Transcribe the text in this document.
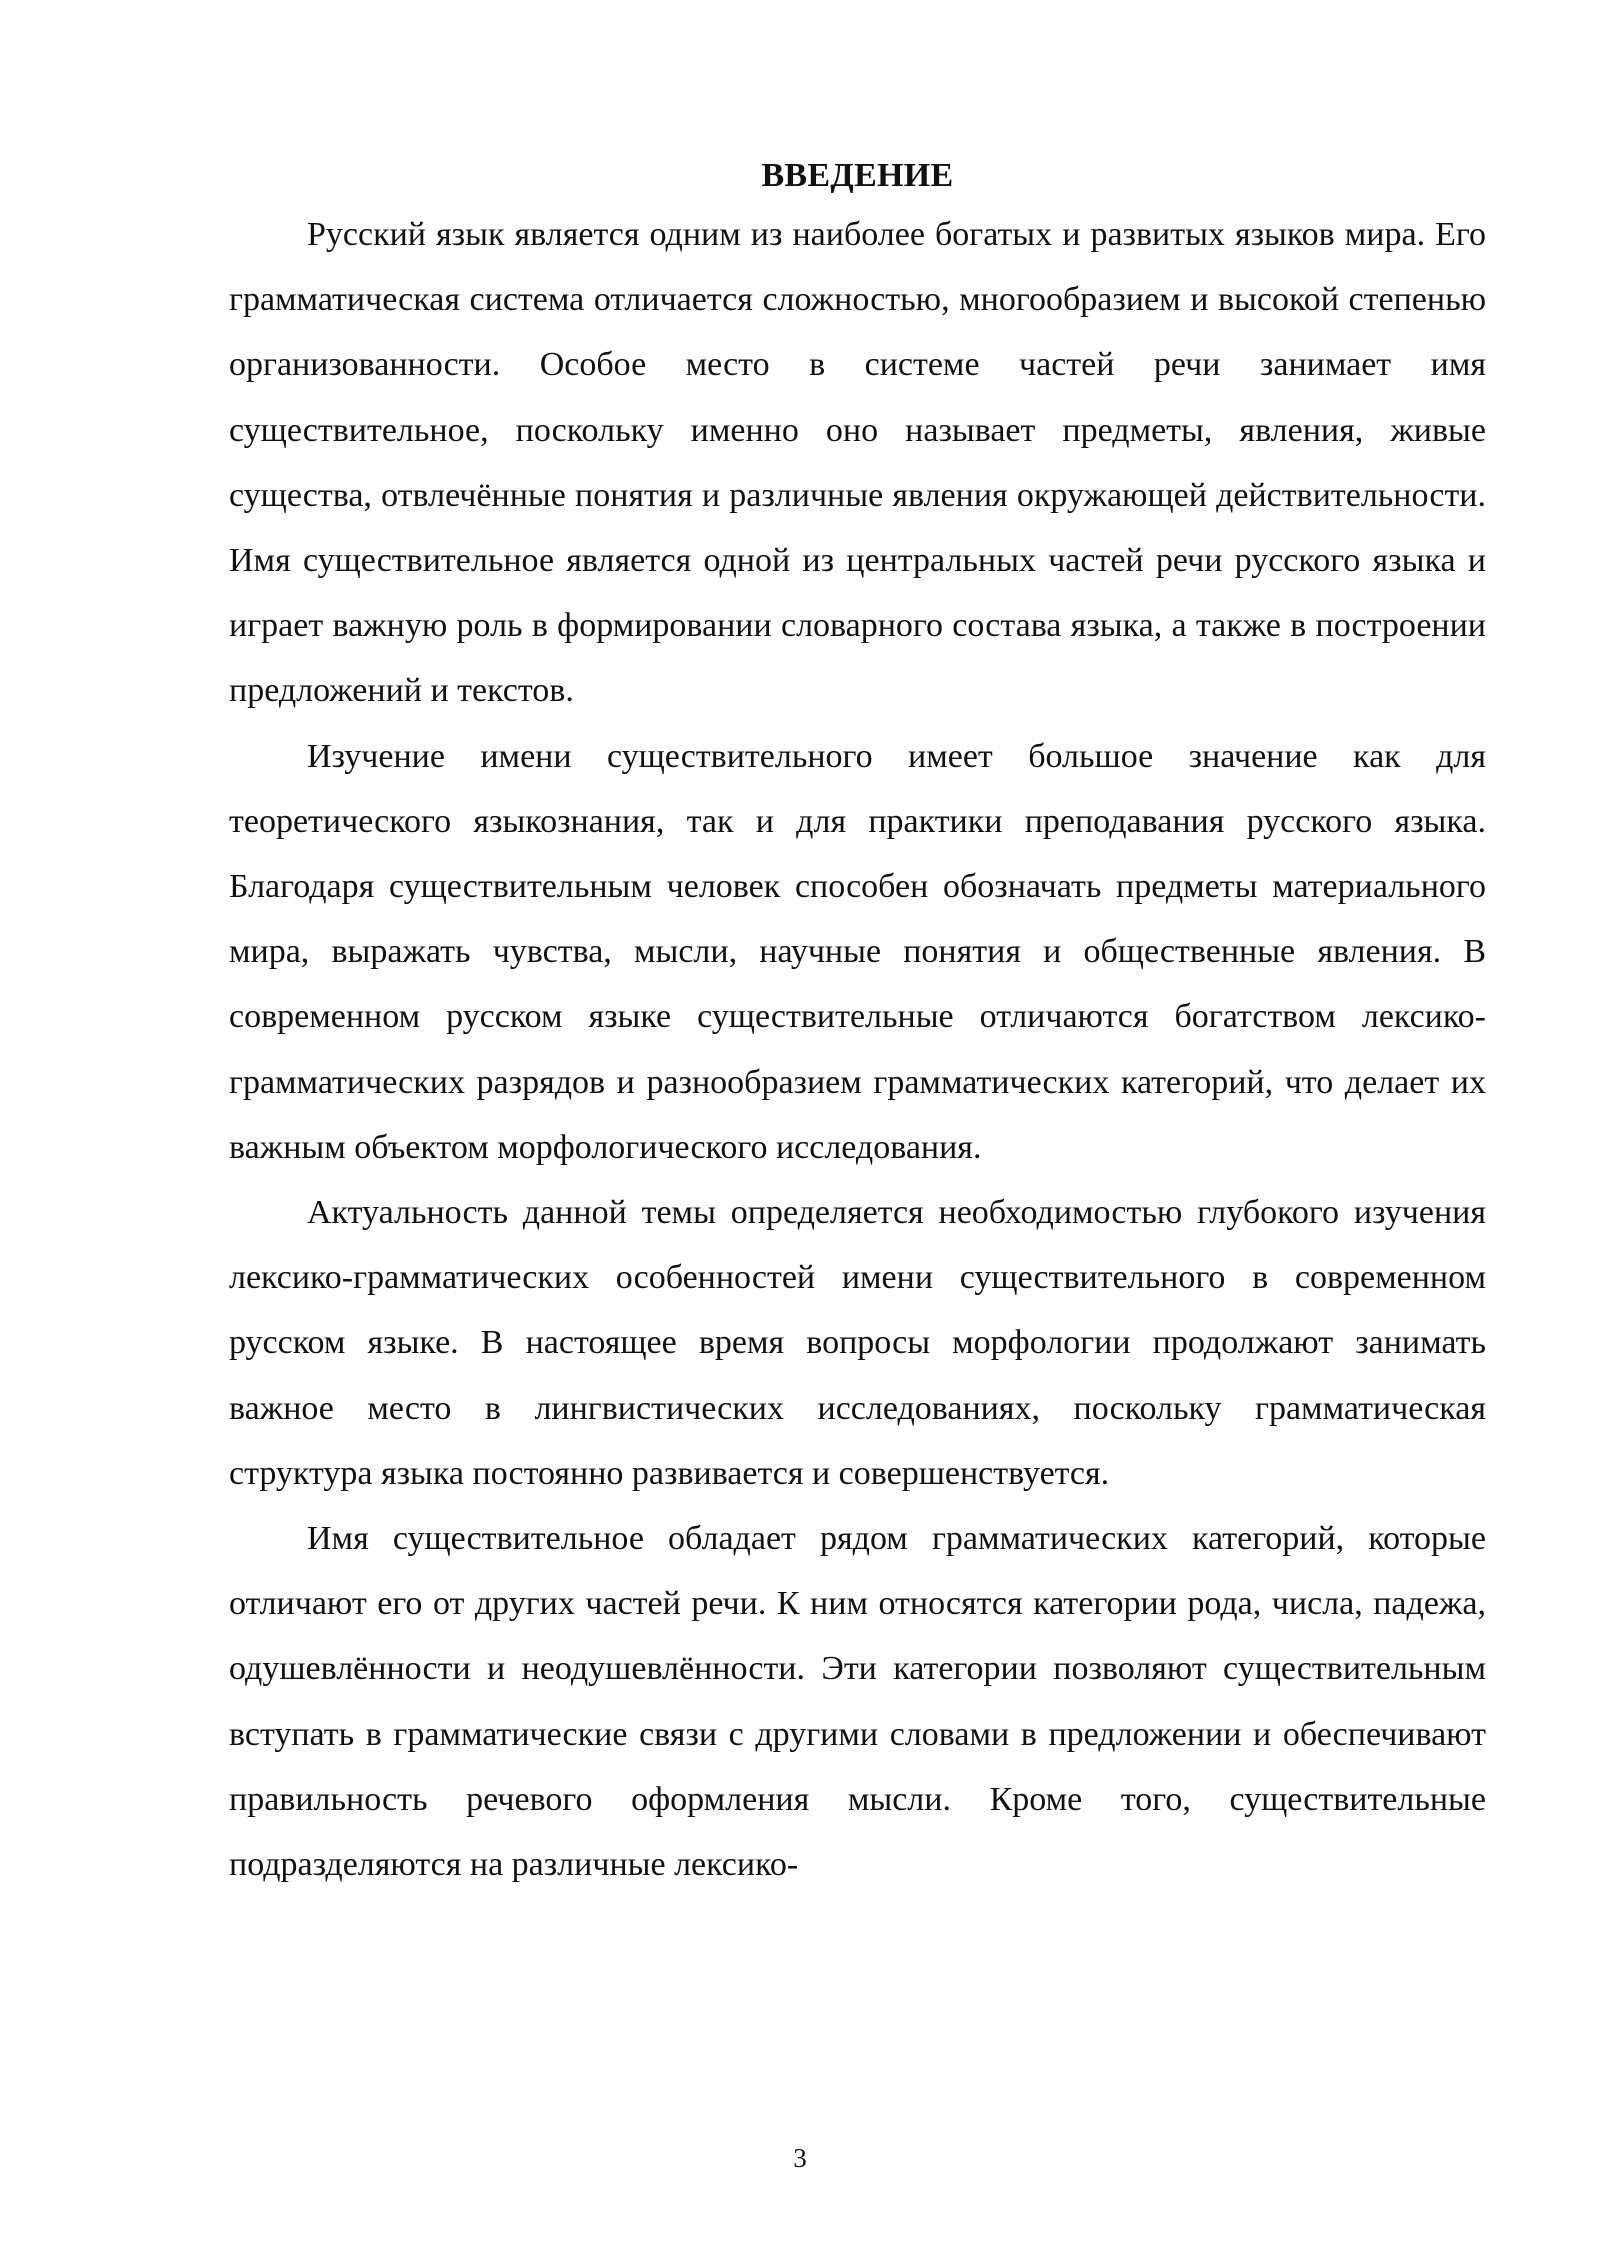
ВВЕДЕНИЕ

Русский язык является одним из наиболее богатых и развитых языков мира. Его грамматическая система отличается сложностью, многообразием и высокой степенью организованности. Особое место в системе частей речи занимает имя существительное, поскольку именно оно называет предметы, явления, живые существа, отвлечённые понятия и различные явления окружающей действительности. Имя существительное является одной из центральных частей речи русского языка и играет важную роль в формировании словарного состава языка, а также в построении предложений и текстов.

Изучение имени существительного имеет большое значение как для теоретического языкознания, так и для практики преподавания русского языка. Благодаря существительным человек способен обозначать предметы материального мира, выражать чувства, мысли, научные понятия и общественные явления. В современном русском языке существительные отличаются богатством лексико-грамматических разрядов и разнообразием грамматических категорий, что делает их важным объектом морфологического исследования.

Актуальность данной темы определяется необходимостью глубокого изучения лексико-грамматических особенностей имени существительного в современном русском языке. В настоящее время вопросы морфологии продолжают занимать важное место в лингвистических исследованиях, поскольку грамматическая структура языка постоянно развивается и совершенствуется.

Имя существительное обладает рядом грамматических категорий, которые отличают его от других частей речи. К ним относятся категории рода, числа, падежа, одушевлённости и неодушевлённости. Эти категории позволяют существительным вступать в грамматические связи с другими словами в предложении и обеспечивают правильность речевого оформления мысли. Кроме того, существительные подразделяются на различные лексико-

3
